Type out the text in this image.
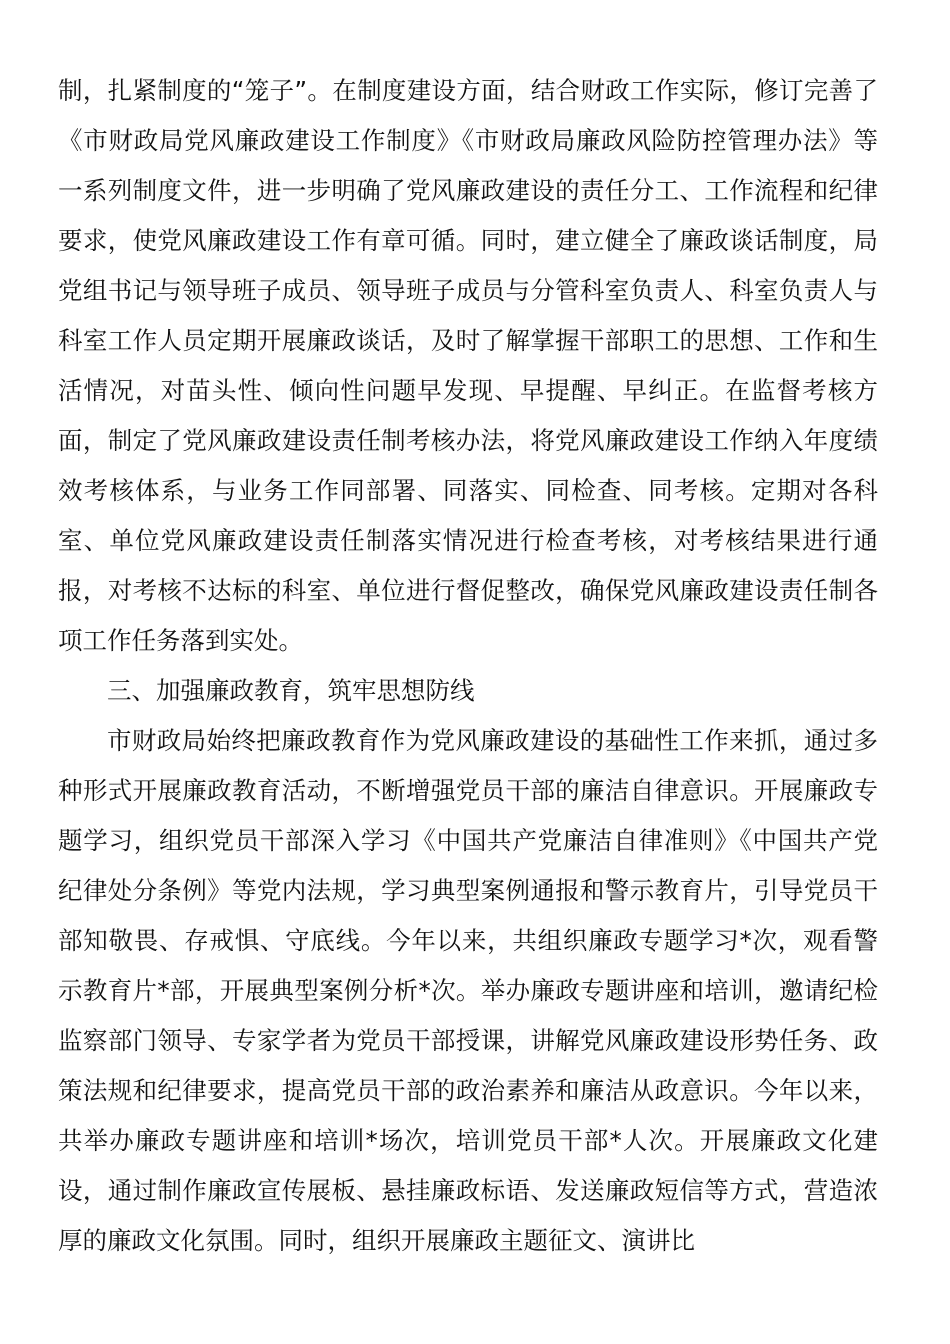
制，扎紧制度的“笼子”。在制度建设方面，结合财政工作实际，修订完善了《市财政局党风廉政建设工作制度》《市财政局廉政风险防控管理办法》等一系列制度文件，进一步明确了党风廉政建设的责任分工、工作流程和纪律要求，使党风廉政建设工作有章可循。同时，建立健全了廉政谈话制度，局党组书记与领导班子成员、领导班子成员与分管科室负责人、科室负责人与科室工作人员定期开展廉政谈话，及时了解掌握干部职工的思想、工作和生活情况，对苗头性、倾向性问题早发现、早提醒、早纠正。在监督考核方面，制定了党风廉政建设责任制考核办法，将党风廉政建设工作纳入年度绩效考核体系，与业务工作同部署、同落实、同检查、同考核。定期对各科室、单位党风廉政建设责任制落实情况进行检查考核，对考核结果进行通报，对考核不达标的科室、单位进行督促整改，确保党风廉政建设责任制各项工作任务落到实处。

三、加强廉政教育，筑牢思想防线

市财政局始终把廉政教育作为党风廉政建设的基础性工作来抓，通过多种形式开展廉政教育活动，不断增强党员干部的廉洁自律意识。开展廉政专题学习，组织党员干部深入学习《中国共产党廉洁自律准则》《中国共产党纪律处分条例》等党内法规，学习典型案例通报和警示教育片，引导党员干部知敬畏、存戒惧、守底线。今年以来，共组织廉政专题学习*次，观看警示教育片*部，开展典型案例分析*次。举办廉政专题讲座和培训，邀请纪检监察部门领导、专家学者为党员干部授课，讲解党风廉政建设形势任务、政策法规和纪律要求，提高党员干部的政治素养和廉洁从政意识。今年以来，共举办廉政专题讲座和培训*场次，培训党员干部*人次。开展廉政文化建设，通过制作廉政宣传展板、悬挂廉政标语、发送廉政短信等方式，营造浓厚的廉政文化氛围。同时，组织开展廉政主题征文、演讲比
